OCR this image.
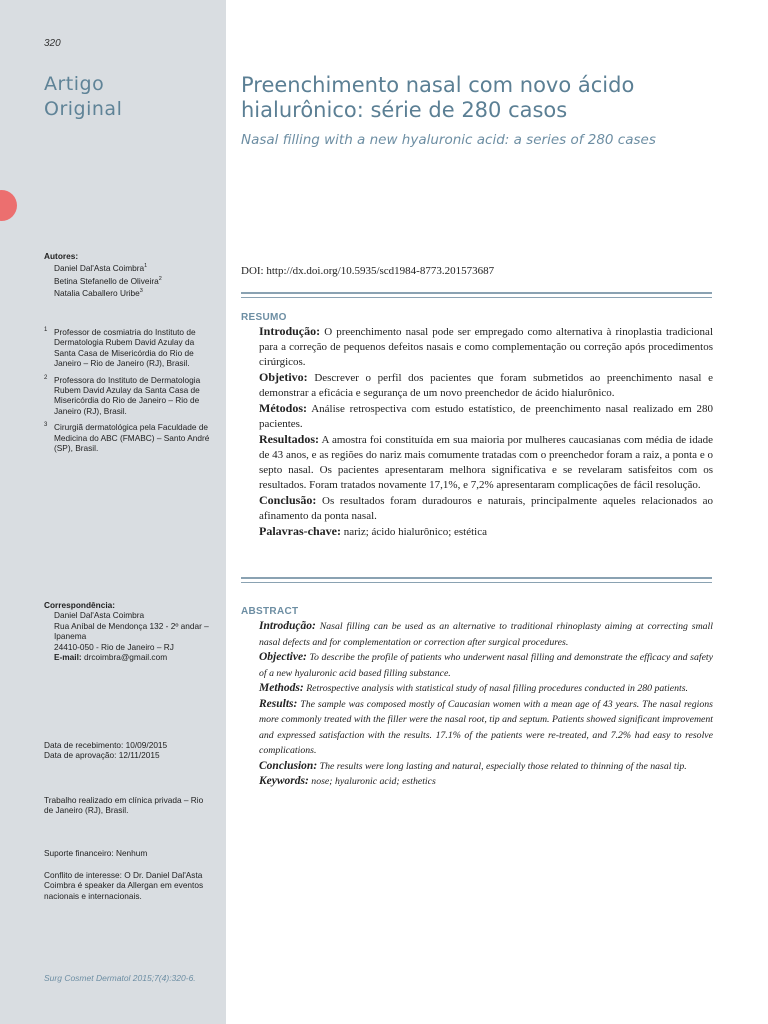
320
Artigo
Original
Autores:
Daniel Dal'Asta Coimbra$^1$
Betina Stefanello de Oliveira$^2$
Natalia Caballero Uribe$^3$
1 Professor de cosmiatria do Instituto de Dermatologia Rubem David Azulay da Santa Casa de Misericórdia do Rio de Janeiro – Rio de Janeiro (RJ), Brasil.
2 Professora do Instituto de Dermatologia Rubem David Azulay da Santa Casa de Misericórdia do Rio de Janeiro – Rio de Janeiro (RJ), Brasil.
3 Cirurgiã dermatológica pela Faculdade de Medicina do ABC (FMABC) – Santo André (SP), Brasil.
Correspondência:
Daniel Dal'Asta Coimbra
Rua Aníbal de Mendonça 132 - 2º andar – Ipanema
24410-050 - Rio de Janeiro – RJ
E-mail: drcoimbra@gmail.com
Data de recebimento: 10/09/2015
Data de aprovação: 12/11/2015
Trabalho realizado em clínica privada – Rio de Janeiro (RJ), Brasil.
Suporte financeiro: Nenhum
Conflito de interesse: O Dr. Daniel Dal'Asta Coimbra é speaker da Allergan em eventos nacionais e internacionais.
Surg Cosmet Dermatol 2015;7(4):320-6.
Preenchimento nasal com novo ácido hialurônico: série de 280 casos
Nasal filling with a new hyaluronic acid: a series of 280 cases
DOI: http://dx.doi.org/10.5935/scd1984-8773.201573687
RESUMO

Introdução: O preenchimento nasal pode ser empregado como alternativa à rinoplastia tradicional para a correção de pequenos defeitos nasais e como complementação ou correção após procedimentos cirúrgicos.

Objetivo: Descrever o perfil dos pacientes que foram submetidos ao preenchimento nasal e demonstrar a eficácia e segurança de um novo preenchedor de ácido hialurônico.

Métodos: Análise retrospectiva com estudo estatístico, de preenchimento nasal realizado em 280 pacientes.

Resultados: A amostra foi constituída em sua maioria por mulheres caucasianas com média de idade de 43 anos, e as regiões do nariz mais comumente tratadas com o preenchedor foram a raiz, a ponta e o septo nasal. Os pacientes apresentaram melhora significativa e se revelaram satisfeitos com os resultados. Foram tratados novamente 17,1%, e 7,2% apresentaram complicações de fácil resolução.

Conclusão: Os resultados foram duradouros e naturais, principalmente aqueles relacionados ao afinamento da ponta nasal.

Palavras-chave: nariz; ácido hialurônico; estética

ABSTRACT

Introdução: Nasal filling can be used as an alternative to traditional rhinoplasty aiming at correcting small nasal defects and for complementation or correction after surgical procedures.

Objective: To describe the profile of patients who underwent nasal filling and demonstrate the efficacy and safety of a new hyaluronic acid based filling substance.

Methods: Retrospective analysis with statistical study of nasal filling procedures conducted in 280 patients.

Results: The sample was composed mostly of Caucasian women with a mean age of 43 years. The nasal regions more commonly treated with the filler were the nasal root, tip and septum. Patients showed significant improvement and expressed satisfaction with the results. 17.1% of the patients were re-treated, and 7.2% had easy to resolve complications.

Conclusion: The results were long lasting and natural, especially those related to thinning of the nasal tip.

Keywords: nose; hyaluronic acid; esthetics
